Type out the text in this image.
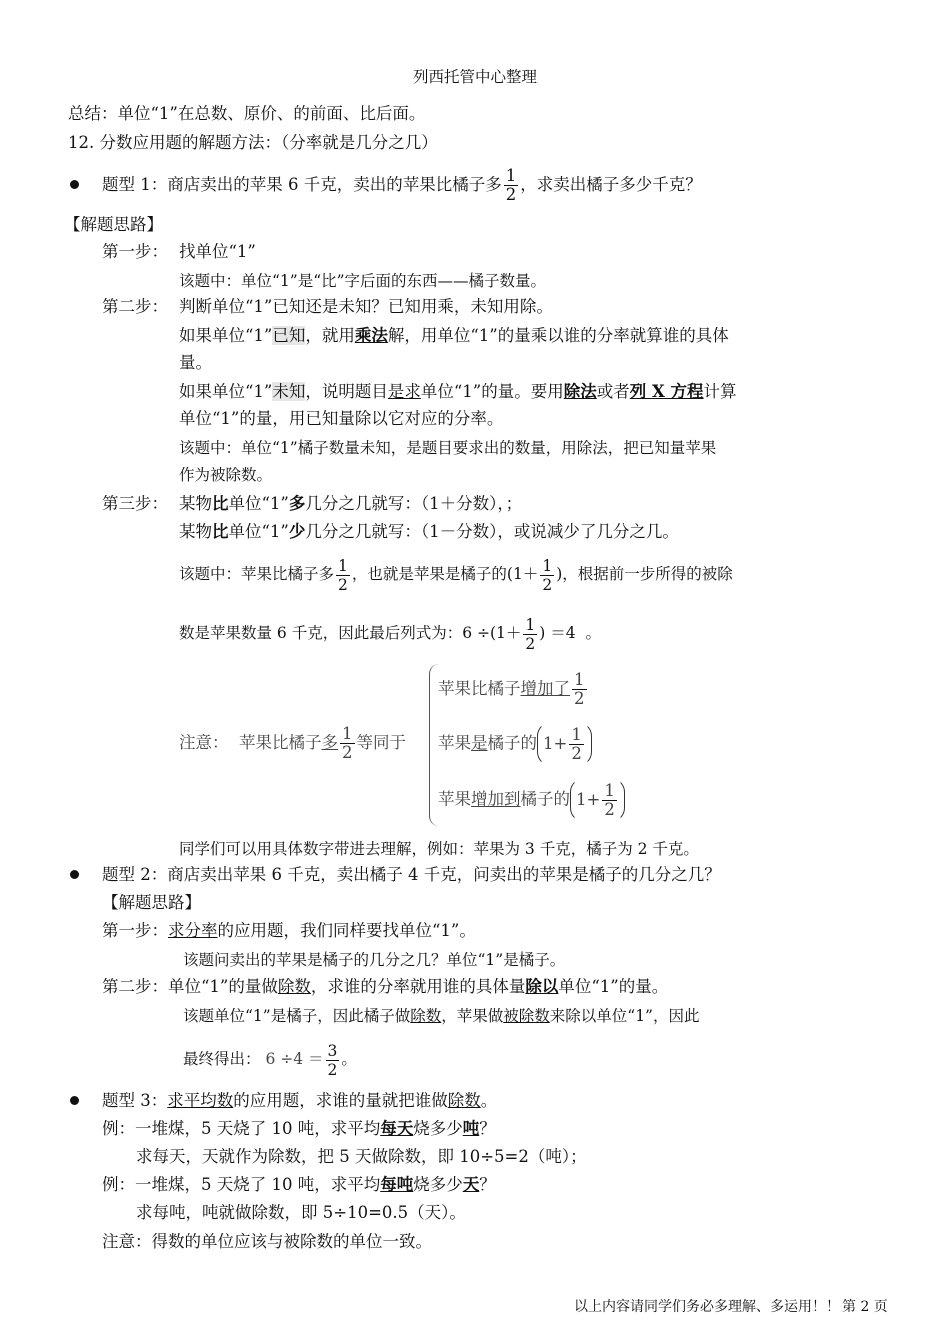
列西托管中心整理
总结：单位“1”在总数、原价、的前面、比后面。
12. 分数应用题的解题方法：（分率就是几分之几）
题型 1：商店卖出的苹果 6 千克，卖出的苹果比橘子多 $\frac{1}{2}$ ，求卖出橘子多少千克？
【解题思路】
第一步： 找单位“1”
该题中：单位“1”是“比”字后面的东西——橘子数量。
第二步： 判断单位“1”已知还是未知？已知用乘，未知用除。
如果单位“1”已知，就用乘法解，用单位“1”的量乘以谁的分率就算谁的具体
量。
如果单位“1”未知，说明题目是求单位“1”的量。要用除法或者列 X 方程计算
单位“1”的量，用已知量除以它对应的分率。
该题中：单位“1”橘子数量未知，是题目要求出的数量，用除法，把已知量苹果
作为被除数。
第三步： 某物比单位“1”多几分之几就写：（1＋分数），；
某物比单位“1”少几分之几就写：（1－分数），或说减少了几分之几。
该题中：苹果比橘子多 $\frac{1}{2}$ ，也就是苹果是橘子的($1+ \frac{1}{2}$ )，根据前一步所得的被除
数是苹果数量 6 千克，因此最后列式为：$6 \div(1+ \frac{1}{2}$ ) ＝4 。
注意： 苹果比橘子多 $\frac{1}{2}$ 等同于
苹果比橘子增加了 $\frac{1}{2}$
苹果是橘子的 $1+ \frac{1}{2}$
苹果增加到橘子的 $1+ \frac{1}{2}$
同学们可以用具体数字带进去理解，例如：苹果为 3 千克，橘子为 2 千克。
题型 2：商店卖出苹果 6 千克，卖出橘子 4 千克，问卖出的苹果是橘子的几分之几？
【解题思路】
第一步：求分率的应用题，我们同样要找单位“1”。
该题问卖出的苹果是橘子的几分之几？单位“1”是橘子。
第二步：单位“1”的量做除数，求谁的分率就用谁的具体量除以单位“1”的量。
该题单位“1”是橘子，因此橘子做除数，苹果做被除数来除以单位“1”，因此
最终得出： $6 \div 4 = \frac{3}{2}$ 。
题型 3：求平均数的应用题，求谁的量就把谁做除数。
例：一堆煤，5 天烧了 10 吨，求平均每天烧多少吨？
求每天，天就作为除数，把 5 天做除数，即 10÷5=2（吨）；
例：一堆煤，5 天烧了 10 吨，求平均每吨烧多少天？
求每吨，吨就做除数，即 5÷10=0.5（天）。
注意：得数的单位应该与被除数的单位一致。
以上内容请同学们务必多理解、多运用！！ 第 2 页
